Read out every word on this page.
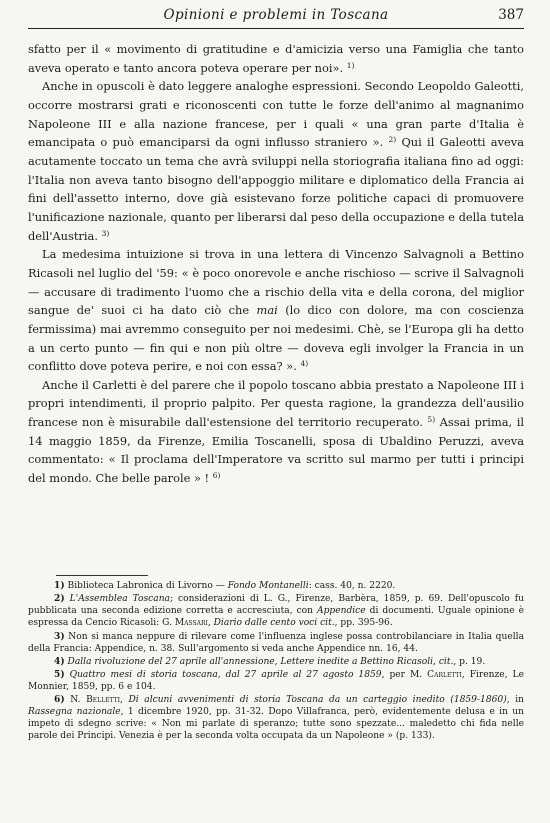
Opinioni e problemi in Toscana	387

sfatto per il « movimento di gratitudine e d'amicizia verso una Famiglia che tanto aveva operato e tanto ancora poteva operare per noi». $^{1)}$

Anche in opuscoli è dato leggere analoghe espressioni. Secondo Leopoldo Galeotti, occorre mostrarsi grati e riconoscenti con tutte le forze dell'animo al magnanimo Napoleone III e alla nazione francese, per i quali « una gran parte d'Italia è emancipata o può emanciparsi da ogni influsso straniero ». $^{2)}$ Qui il Galeotti aveva acutamente toccato un tema che avrà sviluppi nella storiografia italiana fino ad oggi: l'Italia non aveva tanto bisogno dell'appoggio militare e diplomatico della Francia ai fini dell'assetto interno, dove già esistevano forze politiche capaci di promuovere l'unificazione nazionale, quanto per liberarsi dal peso della occupazione e della tutela dell'Austria. $^{3)}$

La medesima intuizione si trova in una lettera di Vincenzo Salvagnoli a Bettino Ricasoli nel luglio del '59: « è poco onorevole e anche rischioso — scrive il Salvagnoli — accusare di tradimento l'uomo che a rischio della vita e della corona, del miglior sangue de' suoi ci ha dato ciò che mai (lo dico con dolore, ma con coscienza fermissima) mai avremmo conseguito per noi medesimi. Chè, se l'Europa gli ha detto a un certo punto — fin qui e non più oltre — doveva egli involger la Francia in un conflitto dove poteva perire, e noi con essa? ». $^{4)}$

Anche il Carletti è del parere che il popolo toscano abbia prestato a Napoleone III i propri intendimenti, il proprio palpito. Per questa ragione, la grandezza dell'ausilio francese non è misurabile dall'estensione del territorio recuperato. $^{5)}$ Assai prima, il 14 maggio 1859, da Firenze, Emilia Toscanelli, sposa di Ubaldino Peruzzi, aveva commentato: « Il proclama dell'Imperatore va scritto sul marmo per tutti i principi del mondo. Che belle parole » ! $^{6)}$

1) Biblioteca Labronica di Livorno — Fondo Montanelli: cass. 40, n. 2220.

2) L'Assemblea Toscana; considerazioni di L. G., Firenze, Barbèra, 1859, p. 69. Dell'opuscolo fu pubblicata una seconda edizione corretta e accresciuta, con Appendice di documenti. Uguale opinione è espressa da Cencio Ricasoli: G. Massari, Diario dalle cento voci cit., pp. 395-96.

3) Non si manca neppure di rilevare come l'influenza inglese possa controbilanciare in Italia quella della Francia: Appendice, n. 38. Sull'argomento si veda anche Appendice nn. 16, 44.

4) Dalla rivoluzione del 27 aprile all'annessione, Lettere inedite a Bettino Ricasoli, cit., p. 19.

5) Quattro mesi di storia toscana, dal 27 aprile al 27 agosto 1859, per M. Carletti, Firenze, Le Monnier, 1859, pp. 6 e 104.

6) N. Belletti, Di alcuni avvenimenti di storia Toscana da un carteggio inedito (1859-1860), in Rassegna nazionale, 1 dicembre 1920, pp. 31-32. Dopo Villafranca, però, evidentemente delusa e in un impeto di sdegno scrive: « Non mi parlate di speranzo; tutte sono spezzate... maledetto chi fida nelle parole dei Principi. Venezia è per la seconda volta occupata da un Napoleone » (p. 133).
